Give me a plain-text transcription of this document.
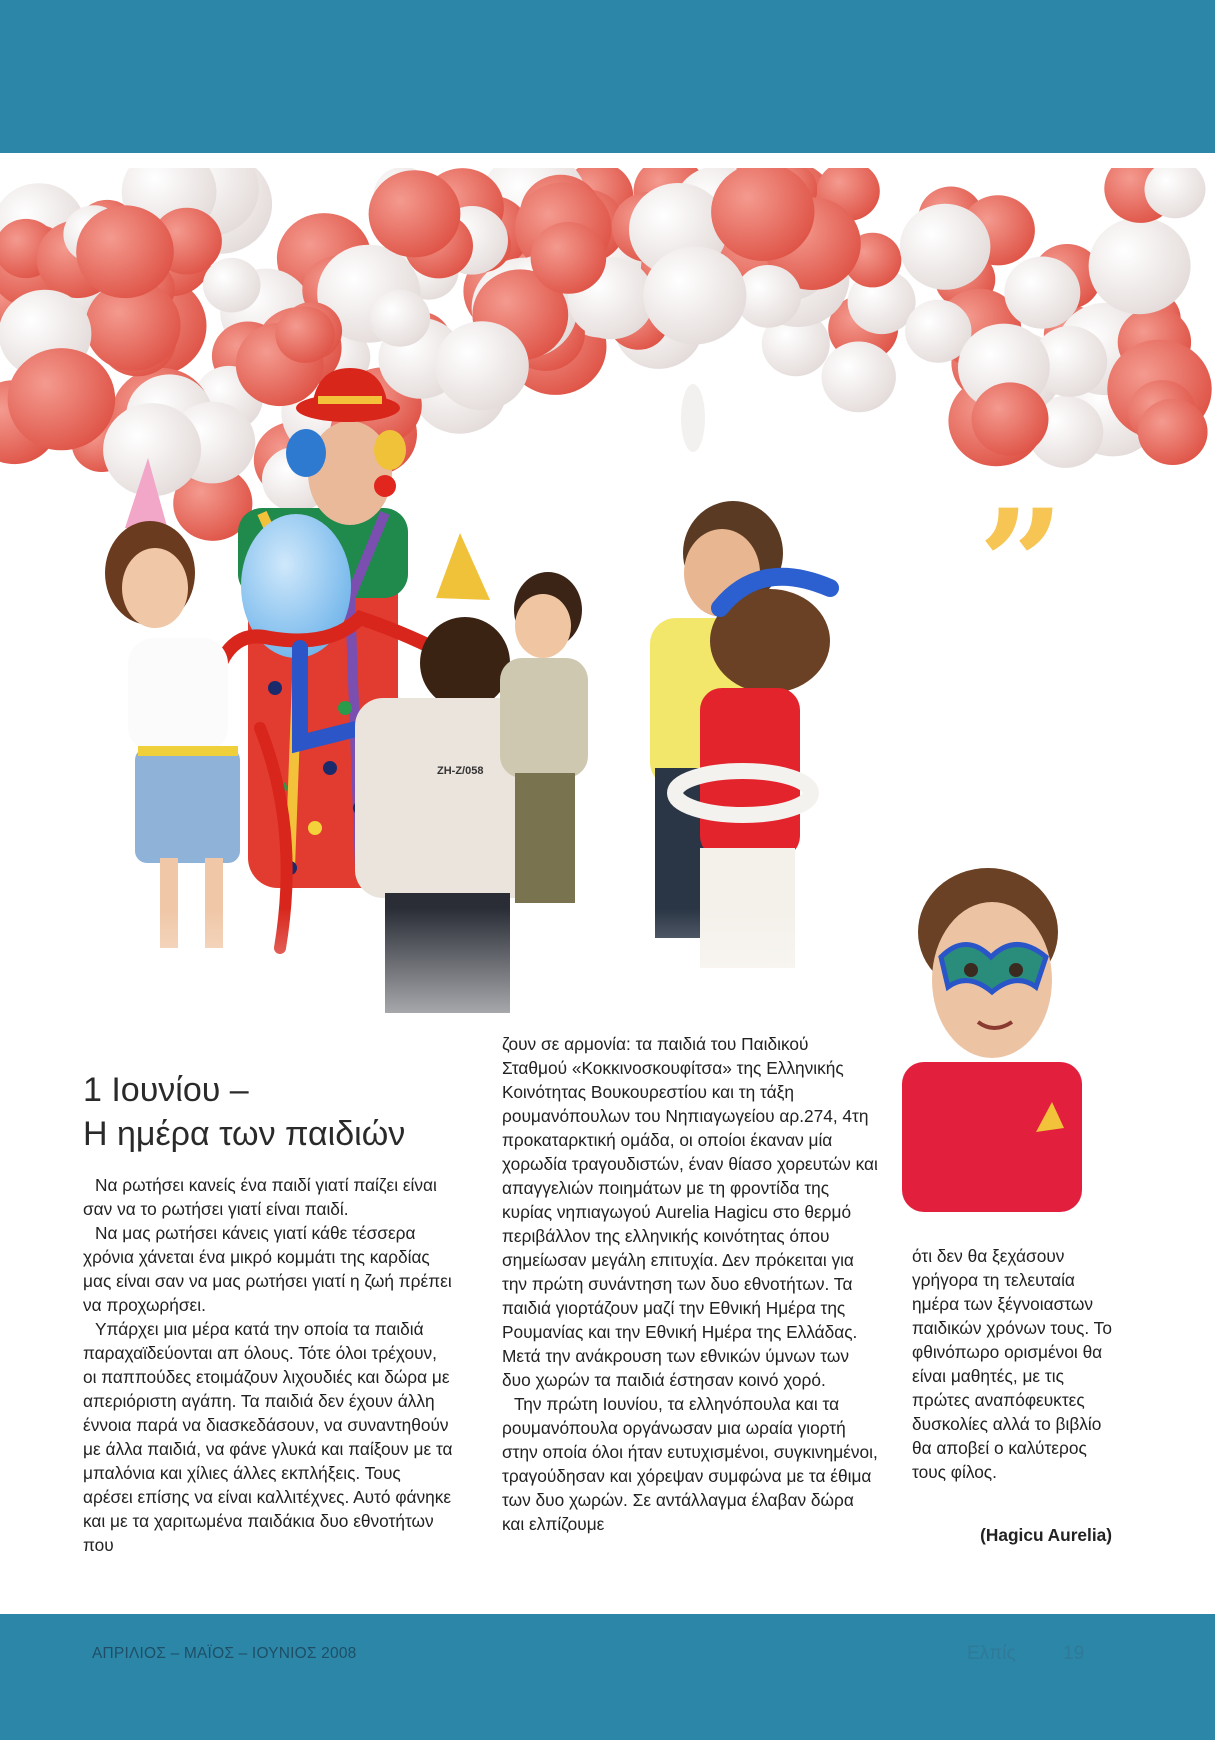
ZH-Z/058
”
1 Ιουνίου –
Η ημέρα των παιδιών

Να ρωτήσει κανείς ένα παιδί γιατί παίζει είναι σαν να το ρωτήσει γιατί είναι παιδί.

Να μας ρωτήσει κάνεις γιατί κάθε τέσσερα χρόνια χάνεται ένα μικρό κομμάτι της καρδίας μας είναι σαν να μας ρωτήσει γιατί η ζωή πρέπει να προχωρήσει.

Υπάρχει μια μέρα κατά την οποία τα παιδιά παραχαϊδεύονται απ όλους. Τότε όλοι τρέχουν, οι παππούδες ετοιμάζουν λιχουδιές και δώρα με απεριόριστη αγάπη. Τα παιδιά δεν έχουν άλλη έννοια παρά να διασκεδάσουν, να συναντηθούν με άλλα παιδιά, να φάνε γλυκά και παίξουν με τα μπαλόνια και χίλιες άλλες εκπλήξεις. Τους αρέσει επίσης να είναι καλλιτέχνες. Αυτό φάνηκε και με τα χαριτωμένα παιδάκια δυο εθνοτήτων που

ζουν σε αρμονία: τα παιδιά του Παιδικού Σταθμού «Κοκκινοσκουφίτσα» της Ελληνικής Κοινότητας Βουκουρεστίου και τη τάξη ρουμανόπουλων του Νηπιαγωγείου αρ.274, 4τη προκαταρκτική ομάδα, οι οποίοι έκαναν μία χορωδία τραγουδιστών, έναν θίασο χορευτών και απαγγελιών ποιημάτων με τη φροντίδα της κυρίας νηπιαγωγού Aurelia Hagicu στο θερμό περιβάλλον της ελληνικής κοινότητας όπου σημείωσαν μεγάλη επιτυχία. Δεν πρόκειται για την πρώτη συνάντηση των δυο εθνοτήτων. Τα παιδιά γιορτάζουν μαζί την Εθνική Ημέρα της Ρουμανίας και την Εθνική Ημέρα της Ελλάδας. Μετά την ανάκρουση των εθνικών ύμνων των δυο χωρών τα παιδιά έστησαν κοινό χορό.

Την πρώτη Ιουνίου, τα ελληνόπουλα και τα ρουμανόπουλα οργάνωσαν μια ωραία γιορτή στην οποία όλοι ήταν ευτυχισμένοι, συγκινημένοι, τραγούδησαν και χόρεψαν συμφώνα με τα έθιμα των δυο χωρών. Σε αντάλλαγμα έλαβαν δώρα και ελπίζουμε

ότι δεν θα ξεχάσουν γρήγορα τη τελευταία ημέρα των ξέγνοιαστων παιδικών χρόνων τους. Το φθινόπωρο ορισμένοι θα είναι μαθητές, με τις πρώτες αναπόφευκτες δυσκολίες αλλά το βιβλίο θα αποβεί ο καλύτερος τους φίλος.

(Hagicu Aurelia)

ΑΠΡΙΛΙΟΣ – ΜΑΪΟΣ – ΙΟΥΝΙΟΣ 2008	Ελπίς 19
